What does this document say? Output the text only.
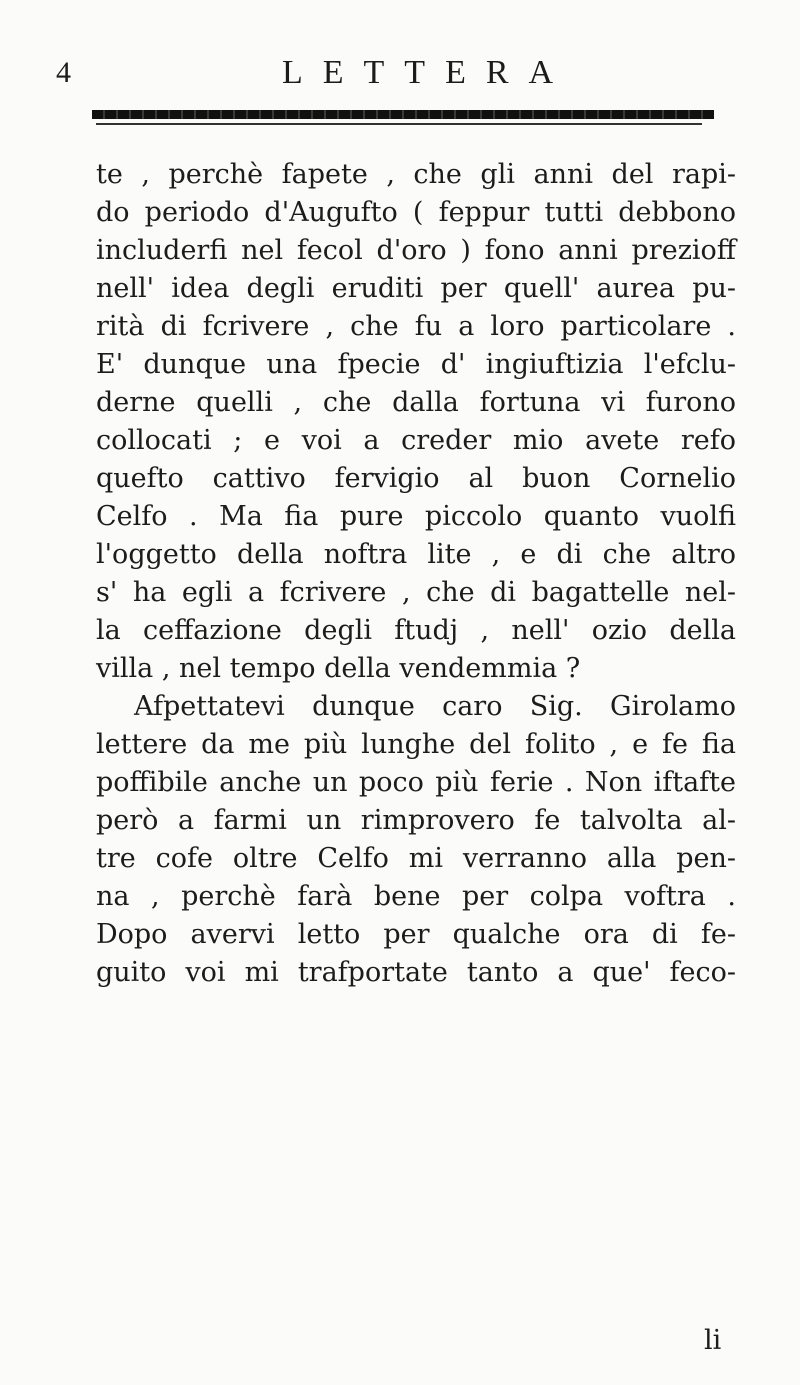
4	LETTERA
te , perchè fapete , che gli anni del rapi-
do periodo d'Augufto ( feppur tutti debbono
includerfi nel fecol d'oro ) fono anni prezioff
nell' idea degli eruditi per quell' aurea pu-
rità di fcrivere , che fu a loro particolare .
E' dunque una fpecie d' ingiuftizia l'efclu-
derne quelli , che dalla fortuna vi furono
collocati ; e voi a creder mio avete refo
quefto cattivo fervigio al buon Cornelio
Celfo . Ma fia pure piccolo quanto vuolfi
l'oggetto della noftra lite , e di che altro
s' ha egli a fcrivere , che di bagattelle nel-
la ceffazione degli ftudj , nell' ozio della
villa , nel tempo della vendemmia ?
Afpettatevi dunque caro Sig. Girolamo
lettere da me più lunghe del folito , e fe fia
poffibile anche un poco più ferie . Non iftafte
però a farmi un rimprovero fe talvolta al-
tre cofe oltre Celfo mi verranno alla pen-
na , perchè farà bene per colpa voftra .
Dopo avervi letto per qualche ora di fe-
guito voi mi trafportate tanto a que' feco-
li
